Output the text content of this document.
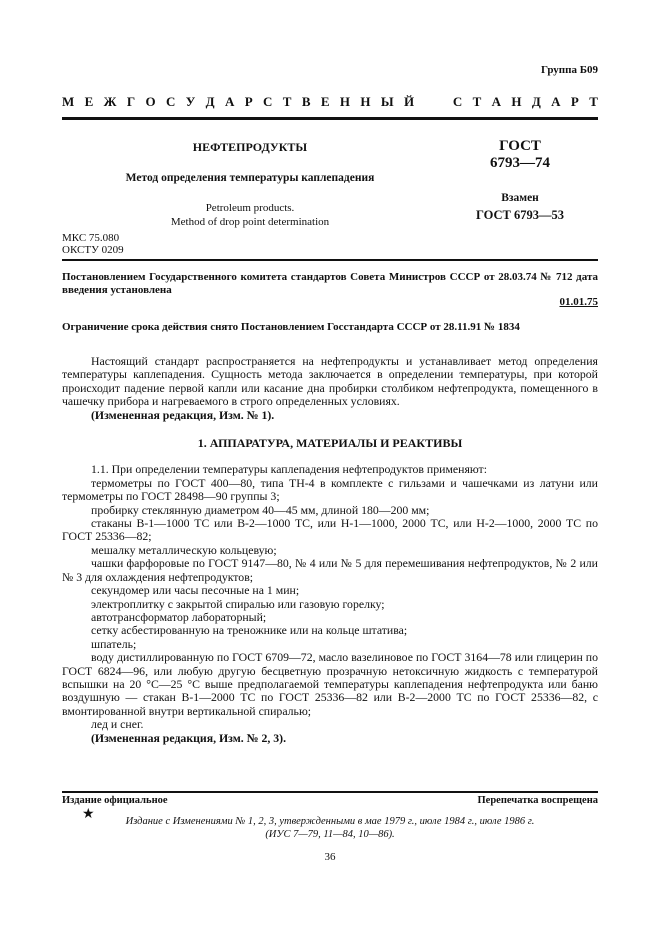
Группа Б09
М Е Ж Г О С У Д А Р С Т В Е Н Н Ы Й	С Т А Н Д А Р Т
НЕФТЕПРОДУКТЫ
Метод определения температуры каплепадения
Petroleum products.
Method of drop point determination
ГОСТ
6793—74
Взамен
ГОСТ 6793—53
МКС 75.080
ОКСТУ 0209
Постановлением Государственного комитета стандартов Совета Министров СССР от 28.03.74 № 712 дата введения установлена
01.01.75
Ограничение срока действия снято Постановлением Госстандарта СССР от 28.11.91 № 1834

Настоящий стандарт распространяется на нефтепродукты и устанавливает метод определения температуры каплепадения. Сущность метода заключается в определении температуры, при которой происходит падение первой капли или касание дна пробирки столбиком нефтепродукта, помещенного в чашечку прибора и нагреваемого в строго определенных условиях.

(Измененная редакция, Изм. № 1).

1. АППАРАТУРА, МАТЕРИАЛЫ И РЕАКТИВЫ

1.1. При определении температуры каплепадения нефтепродуктов применяют:

термометры по ГОСТ 400—80, типа ТН-4 в комплекте с гильзами и чашечками из латуни или термометры по ГОСТ 28498—90 группы 3;

пробирку стеклянную диаметром 40—45 мм, длиной 180—200 мм;

стаканы В-1—1000 ТС или В-2—1000 ТС, или Н-1—1000, 2000 ТС, или Н-2—1000, 2000 ТС по ГОСТ 25336—82;

мешалку металлическую кольцевую;

чашки фарфоровые по ГОСТ 9147—80, № 4 или № 5 для перемешивания нефтепродуктов, № 2 или № 3 для охлаждения нефтепродуктов;

секундомер или часы песочные на 1 мин;

электроплитку с закрытой спиралью или газовую горелку;

автотрансформатор лабораторный;

сетку асбестированную на треножнике или на кольце штатива;

шпатель;

воду дистиллированную по ГОСТ 6709—72, масло вазелиновое по ГОСТ 3164—78 или глицерин по ГОСТ 6824—96, или любую другую бесцветную прозрачную нетоксичную жидкость с температурой вспышки на 20 °С—25 °С выше предполагаемой температуры каплепадения нефтепродукта или баню воздушную — стакан В-1—2000 ТС по ГОСТ 25336—82 или В-2—2000 ТС по ГОСТ 25336—82, с вмонтированной внутри вертикальной спиралью;

лед и снег.

(Измененная редакция, Изм. № 2, 3).

Издание официальное	Перепечатка воспрещена
★	Издание с Изменениями № 1, 2, 3, утвержденными в мае 1979 г., июле 1984 г., июле 1986 г.
(ИУС 7—79, 11—84, 10—86).
36
